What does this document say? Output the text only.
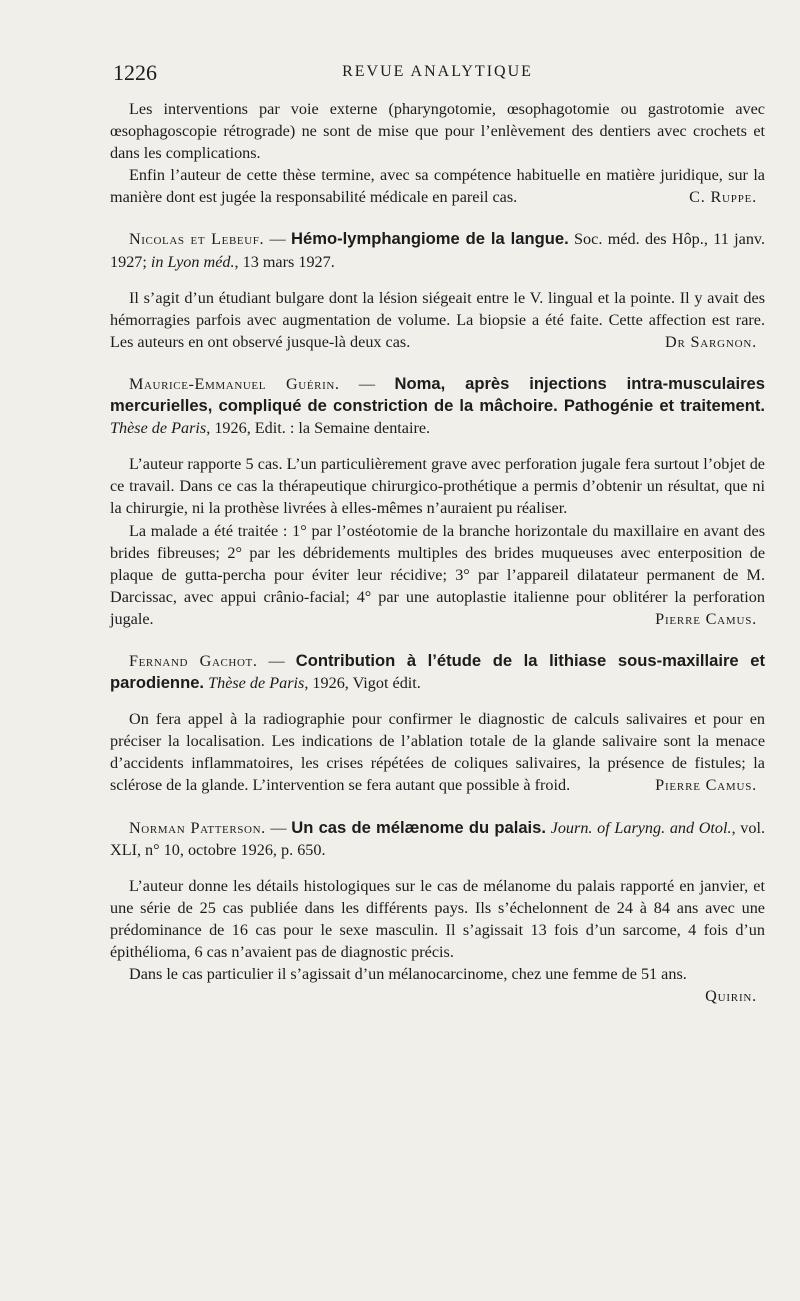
1226	REVUE ANALYTIQUE

Les interventions par voie externe (pharyngotomie, œsophagotomie ou gastrotomie avec œsophagoscopie rétrograde) ne sont de mise que pour l’enlèvement des dentiers avec crochets et dans les complications.

Enfin l’auteur de cette thèse termine, avec sa compétence habituelle en matière juridique, sur la manière dont est jugée la responsabilité médicale en pareil cas.	C. Ruppe.

Nicolas et Lebeuf. — Hémo-lymphangiome de la langue. Soc. méd. des Hôp., 11 janv. 1927; in Lyon méd., 13 mars 1927.

Il s’agit d’un étudiant bulgare dont la lésion siégeait entre le V. lingual et la pointe. Il y avait des hémorragies parfois avec augmentation de volume. La biopsie a été faite. Cette affection est rare. Les auteurs en ont observé jusque-là deux cas.	Dr Sargnon.

Maurice-Emmanuel Guérin. — Noma, après injections intra-musculaires mercurielles, compliqué de constriction de la mâchoire. Pathogénie et traitement. Thèse de Paris, 1926, Edit. : la Semaine dentaire.

L’auteur rapporte 5 cas. L’un particulièrement grave avec perforation jugale fera surtout l’objet de ce travail. Dans ce cas la thérapeutique chirurgico-prothétique a permis d’obtenir un résultat, que ni la chirurgie, ni la prothèse livrées à elles-mêmes n’auraient pu réaliser.

La malade a été traitée : 1° par l’ostéotomie de la branche horizontale du maxillaire en avant des brides fibreuses; 2° par les débridements multiples des brides muqueuses avec enterposition de plaque de gutta-percha pour éviter leur récidive; 3° par l’appareil dilatateur permanent de M. Darcissac, avec appui crânio-facial; 4° par une autoplastie italienne pour oblitérer la perforation jugale.	Pierre Camus.

Fernand Gachot. — Contribution à l’étude de la lithiase sous-maxillaire et parodienne. Thèse de Paris, 1926, Vigot édit.

On fera appel à la radiographie pour confirmer le diagnostic de calculs salivaires et pour en préciser la localisation. Les indications de l’ablation totale de la glande salivaire sont la menace d’accidents inflammatoires, les crises répétées de coliques salivaires, la présence de fistules; la sclérose de la glande. L’intervention se fera autant que possible à froid.	Pierre Camus.

Norman Patterson. — Un cas de mélænome du palais. Journ. of Laryng. and Otol., vol. XLI, n° 10, octobre 1926, p. 650.

L’auteur donne les détails histologiques sur le cas de mélanome du palais rapporté en janvier, et une série de 25 cas publiée dans les différents pays. Ils s’échelonnent de 24 à 84 ans avec une prédominance de 16 cas pour le sexe masculin. Il s’agissait 13 fois d’un sarcome, 4 fois d’un épithélioma, 6 cas n’avaient pas de diagnostic précis.

Dans le cas particulier il s’agissait d’un mélanocarcinome, chez une femme de 51 ans.
Quirin.
